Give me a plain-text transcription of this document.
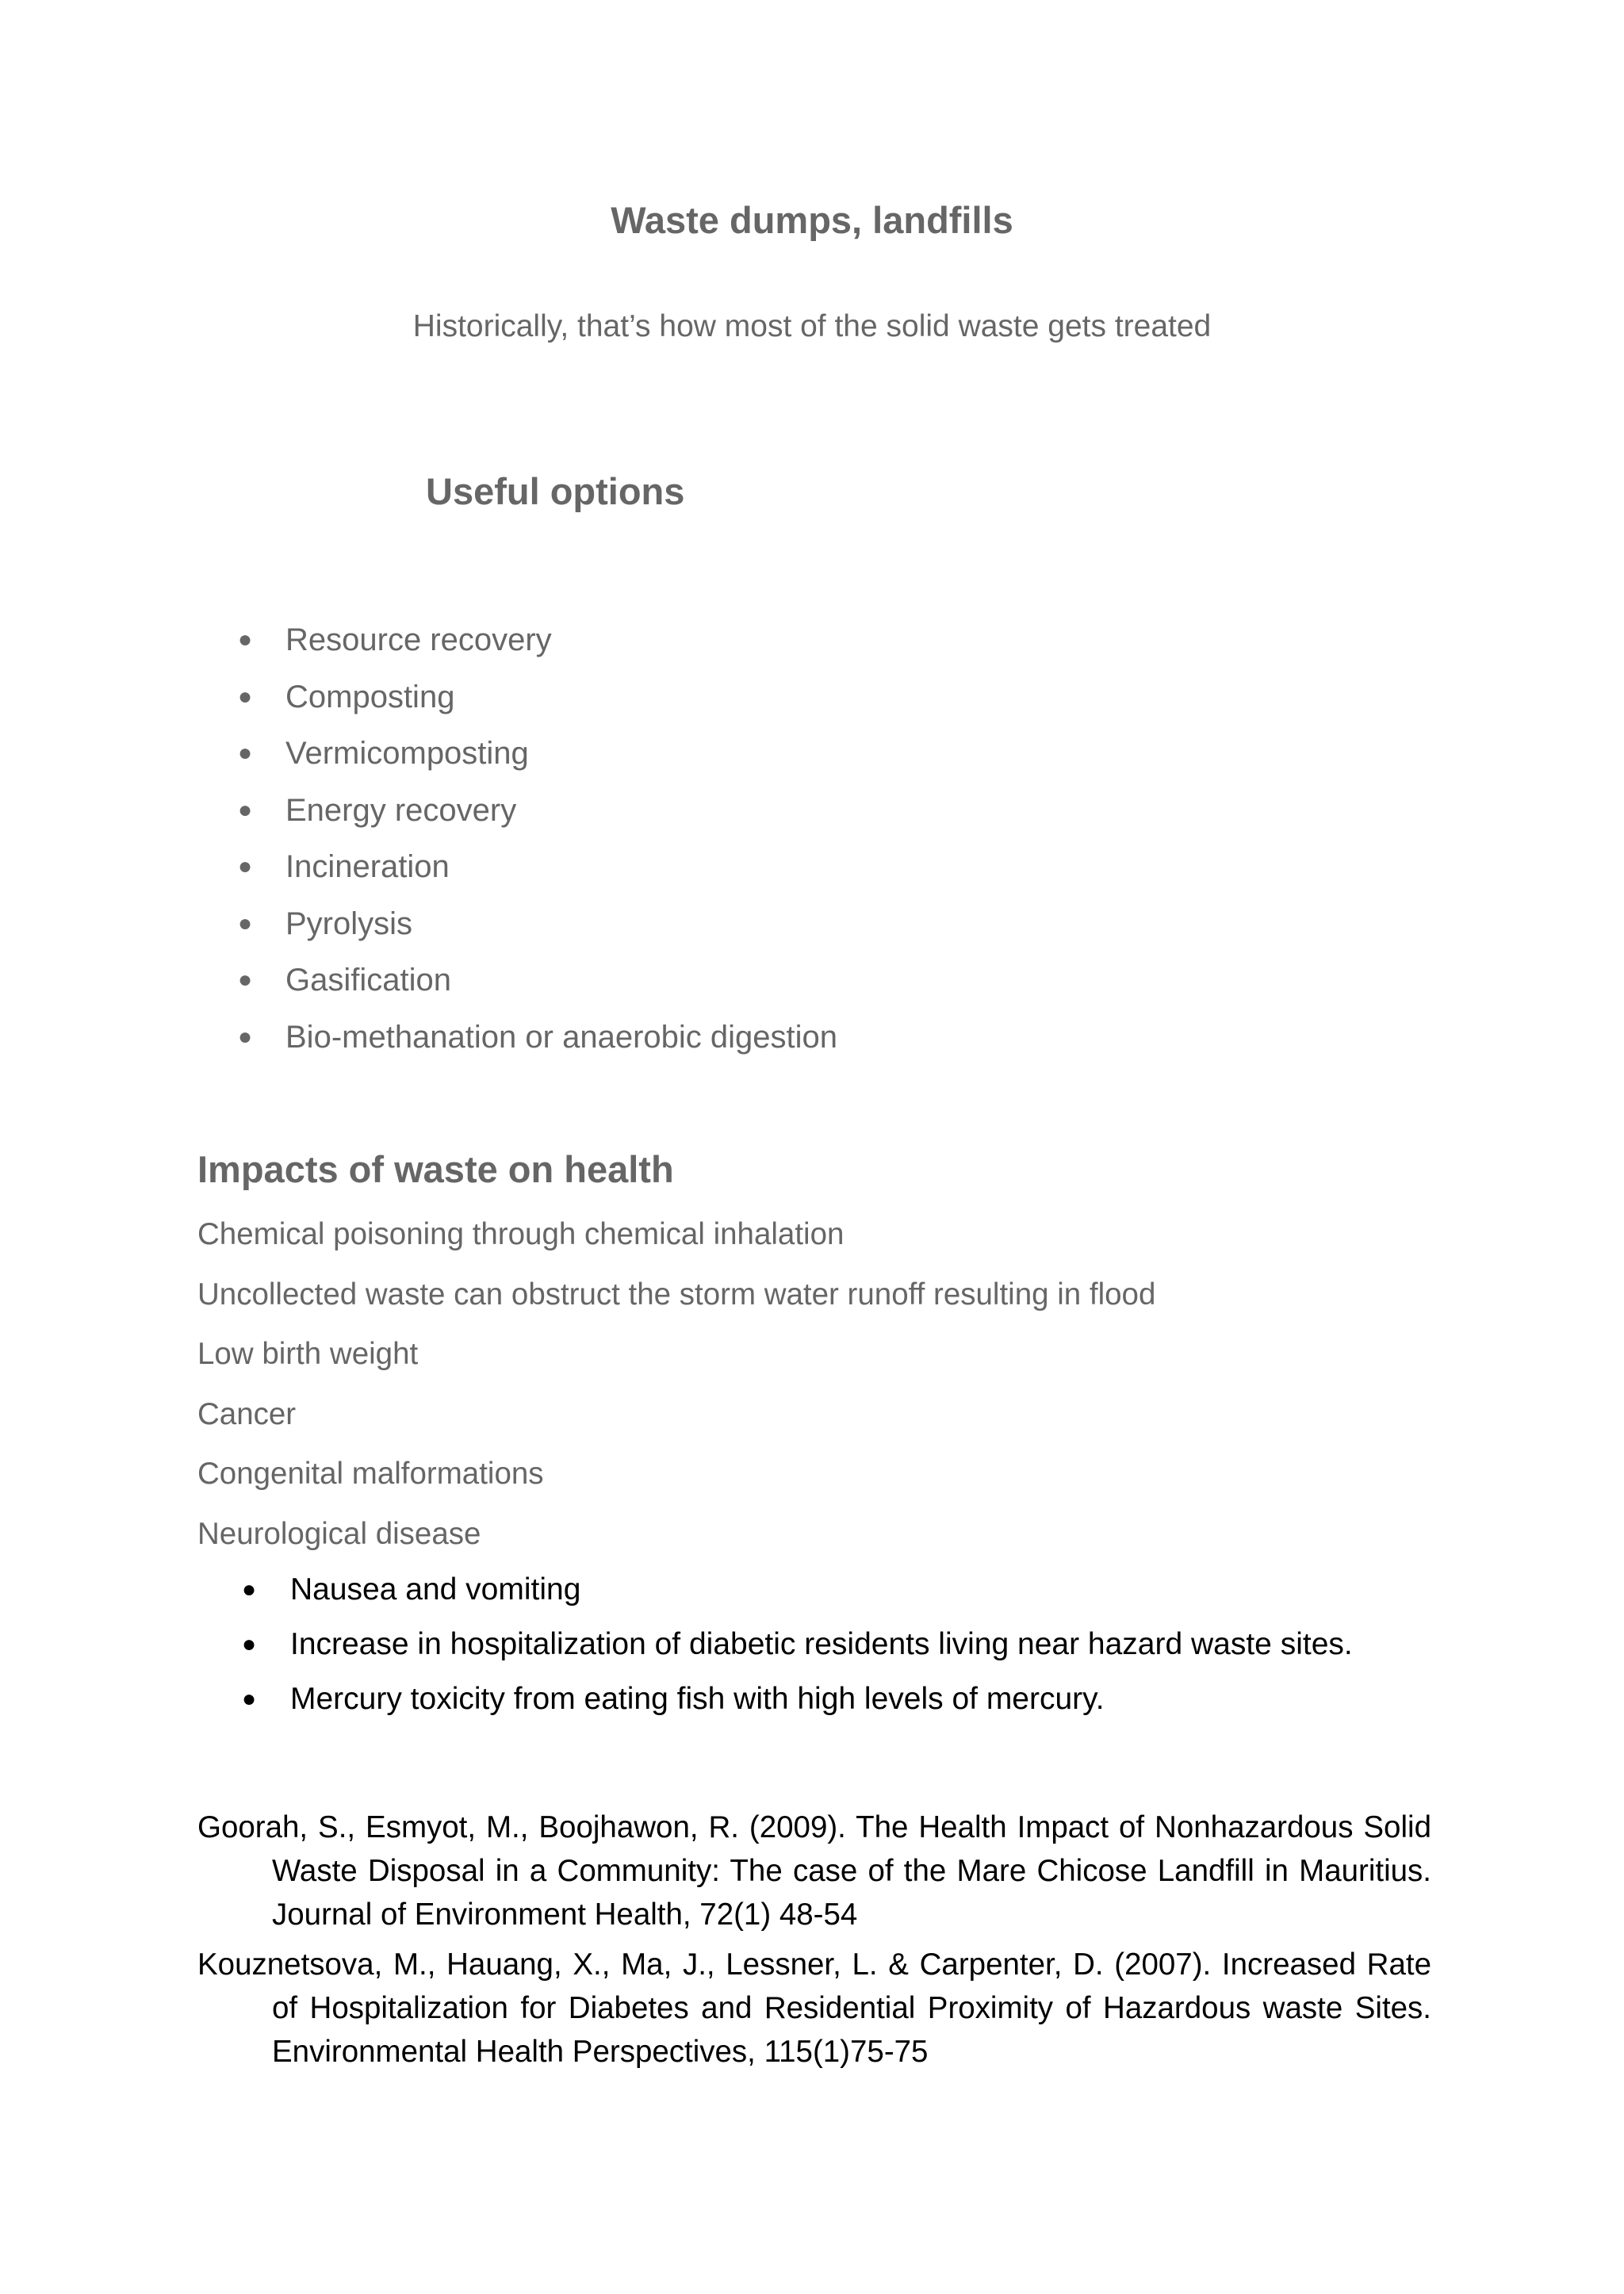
Waste dumps, landfills

Historically, that’s how most of the solid waste gets treated

Useful options
● Resource recovery
● Composting
● Vermicomposting
● Energy recovery
● Incineration
● Pyrolysis
● Gasification
● Bio-methanation or anaerobic digestion
Impacts of waste on health

Chemical poisoning through chemical inhalation

Uncollected waste can obstruct the storm water runoff resulting in flood

Low birth weight

Cancer

Congenital malformations

Neurological disease

● Nausea and vomiting
● Increase in hospitalization of diabetic residents living near hazard waste sites.
● Mercury toxicity from eating fish with high levels of mercury.

Goorah, S., Esmyot, M., Boojhawon, R. (2009). The Health Impact of Nonhazardous Solid Waste Disposal in a Community: The case of the Mare Chicose Landfill in Mauritius. Journal of Environment Health, 72(1) 48-54

Kouznetsova, M., Hauang, X., Ma, J., Lessner, L. & Carpenter, D. (2007). Increased Rate of Hospitalization for Diabetes and Residential Proximity of Hazardous waste Sites. Environmental Health Perspectives, 115(1)75-75
